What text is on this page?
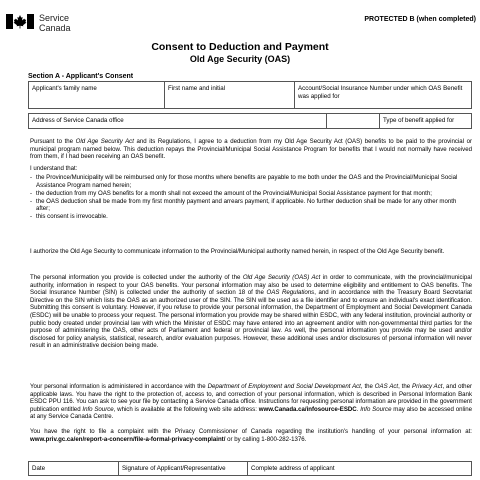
Service
Canada
PROTECTED B (when completed)
Consent to Deduction and Payment
Old Age Security (OAS)
Section A - Applicant's Consent
Applicant's family name	First name and initial	Account/Social Insurance Number under which OAS Benefit was applied for
Address of Service Canada office		Type of benefit applied for

Pursuant to the Old Age Security Act and its Regulations, I agree to a deduction from my Old Age Security Act (OAS) benefits to be paid to the provincial or municipal program named below. This deduction repays the Provincial/Municipal Social Assistance Program for benefits that I would not normally have received from them, if I had been receiving an OAS benefit.

I understand that:

- the Province/Municipality will be reimbursed only for those months where benefits are payable to me both under the OAS and the Provincial/Municipal Social Assistance Program named herein;
- the deduction from my OAS benefits for a month shall not exceed the amount of the Provincial/Municipal Social Assistance payment for that month;
- the OAS deduction shall be made from my first monthly payment and arrears payment, if applicable. No further deduction shall be made for any other month after;
- this consent is irrevocable.

I authorize the Old Age Security to communicate information to the Provincial/Municipal authority named herein, in respect of the Old Age Security benefit.

The personal information you provide is collected under the authority of the Old Age Security (OAS) Act in order to communicate, with the provincial/municipal authority, information in respect to your OAS benefits. Your personal information may also be used to determine eligibility and entitlement to OAS benefits. The Social Insurance Number (SIN) is collected under the authority of section 18 of the OAS Regulations, and in accordance with the Treasury Board Secretariat Directive on the SIN which lists the OAS as an authorized user of the SIN. The SIN will be used as a file identifier and to ensure an individual's exact identification. Submitting this consent is voluntary. However, if you refuse to provide your personal information, the Department of Employment and Social Development Canada (ESDC) will be unable to process your request. The personal information you provide may be shared within ESDC, with any federal institution, provincial authority or public body created under provincial law with which the Minister of ESDC may have entered into an agreement and/or with non-governmental third parties for the purpose of administering the OAS, other acts of Parliament and federal or provincial law. As well, the personal information you provide may be used and/or disclosed for policy analysis, statistical, research, and/or evaluation purposes. However, these additional uses and/or disclosures of personal information will never result in an administrative decision being made.

Your personal information is administered in accordance with the Department of Employment and Social Development Act, the OAS Act, the Privacy Act, and other applicable laws. You have the right to the protection of, access to, and correction of your personal information, which is described in Personal Information Bank ESDC PPU 116. You can ask to see your file by contacting a Service Canada office. Instructions for requesting personal information are provided in the government publication entitled Info Source, which is available at the following web site address: www.Canada.ca/infosource-ESDC. Info Source may also be accessed online at any Service Canada Centre.

You have the right to file a complaint with the Privacy Commissioner of Canada regarding the institution's handling of your personal information at: www.priv.gc.ca/en/report-a-concern/file-a-formal-privacy-complaint/ or by calling 1-800-282-1376.

Date	Signature of Applicant/Representative	Complete address of applicant
